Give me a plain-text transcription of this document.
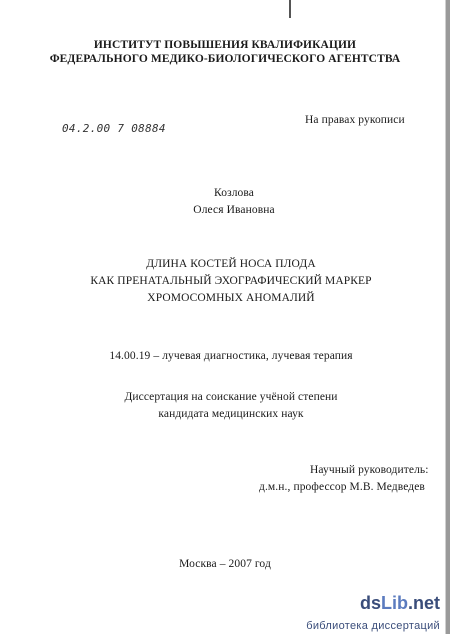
ИНСТИТУТ ПОВЫШЕНИЯ КВАЛИФИКАЦИИ
ФЕДЕРАЛЬНОГО МЕДИКО-БИОЛОГИЧЕСКОГО АГЕНТСТВА
На правах рукописи
04.2.00 7 08884
Козлова
Олеся Ивановна
ДЛИНА КОСТЕЙ НОСА ПЛОДА
КАК ПРЕНАТАЛЬНЫЙ ЭХОГРАФИЧЕСКИЙ МАРКЕР
ХРОМОСОМНЫХ АНОМАЛИЙ
14.00.19 – лучевая диагностика, лучевая терапия
Диссертация на соискание учёной степени
кандидата медицинских наук
Научный руководитель:
д.м.н., профессор М.В. Медведев
Москва – 2007 год
ds Lib .net
библиотека диссертаций
